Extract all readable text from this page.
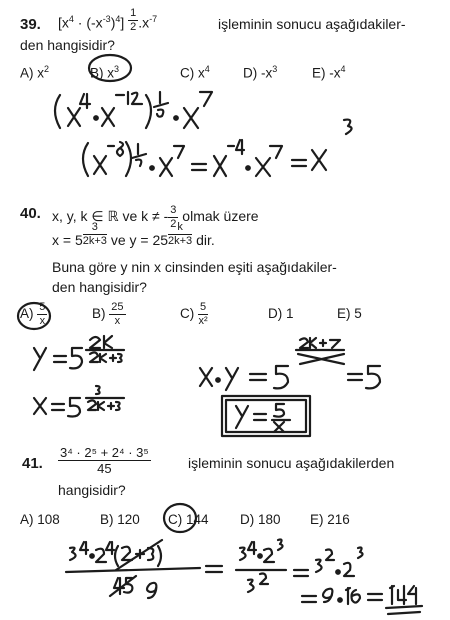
39. $[x^4 \cdot (-x^{-3})^4] \frac{1}{2} .x^{-7}$	işleminin sonucu aşağıdakiler-
den hangisidir?
A) $x^2$	B) $x^3$	C) $x^4$ D) $-x^3$	E) $-x^4$
40. x, y, k ∈ ℝ ve k ≠ - $\frac{3}{2}$ olmak üzere
$x = 5 \frac{3}{2k+3}$ ve $y = 25 \frac{k}{2k+3}$ dir.
Buna göre y nin x cinsinden eşiti aşağıdakiler-
den hangisidir?
$A) \frac{5}{x}$	$B) \frac{25}{x}$	$C) \frac{5}{\text{x²}}$	D) 1	E) 5
41. $\frac{\text{3⁴ · 2⁵ + 2⁴ · 3⁵}}{45}$	işleminin sonucu aşağıdakilerden
hangisidir?
A) 108	B) 120 C) 144 D) 180 E) 216
